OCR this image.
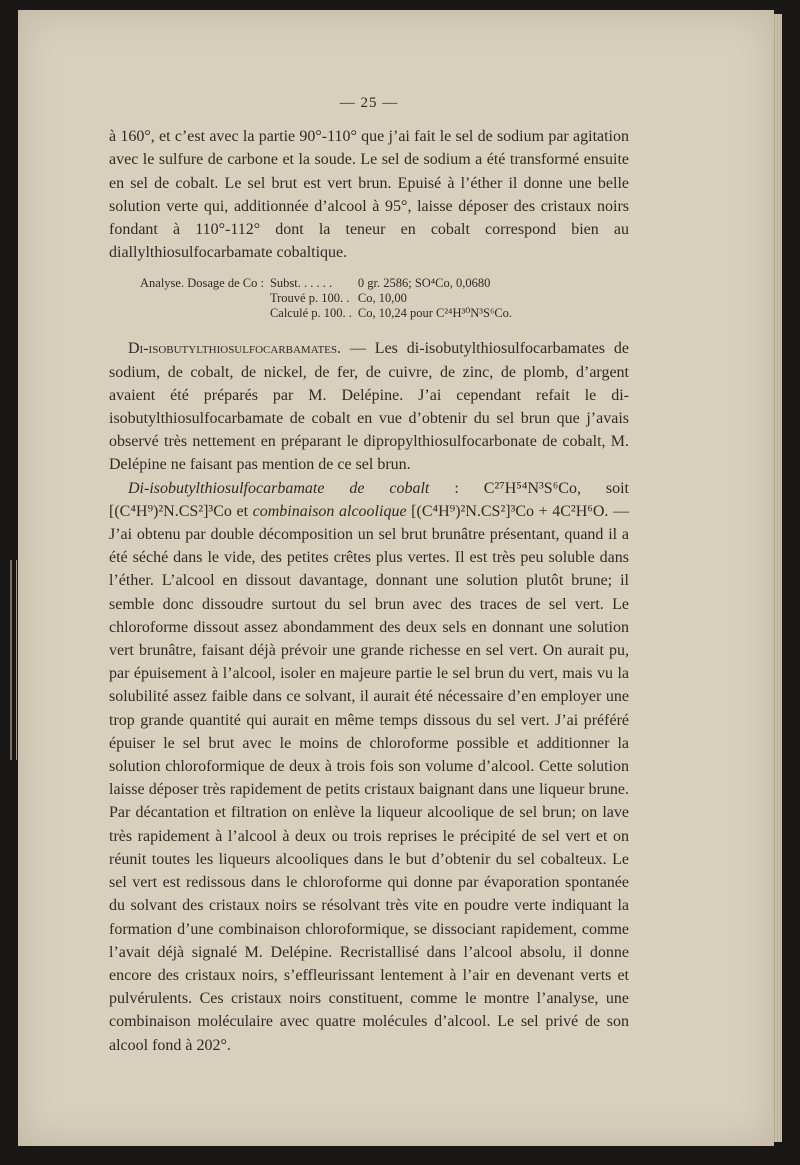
— 25 —

à 160°, et c’est avec la partie 90°-110° que j’ai fait le sel de sodium par agitation avec le sulfure de carbone et la soude. Le sel de sodium a été transformé ensuite en sel de cobalt. Le sel brut est vert brun. Epuisé à l’éther il donne une belle solution verte qui, additionnée d’alcool à 95°, laisse déposer des cristaux noirs fondant à 110°-112° dont la teneur en cobalt correspond bien au diallylthiosulfocarbamate cobaltique.

Analyse. Dosage de Co :	Subst. . . . . .	0 gr. 2586; SO⁴Co, 0,0680
	Trouvé p. 100. .	Co, 10,00
	Calculé p. 100. .	Co, 10,24 pour C²⁴H³⁰N³S⁶Co.

Di-isobutylthiosulfocarbamates. — Les di-isobutylthiosulfocarbamates de sodium, de cobalt, de nickel, de fer, de cuivre, de zinc, de plomb, d’argent avaient été préparés par M. Delépine. J’ai cependant refait le di-isobutylthiosulfocarbamate de cobalt en vue d’obtenir du sel brun que j’avais observé très nettement en préparant le dipropylthiosulfocarbonate de cobalt, M. Delépine ne faisant pas mention de ce sel brun.

Di-isobutylthiosulfocarbamate de cobalt : C²⁷H⁵⁴N³S⁶Co, soit [(C⁴H⁹)²N.CS²]³Co et combinaison alcoolique [(C⁴H⁹)²N.CS²]³Co + 4C²H⁶O. — J’ai obtenu par double décomposition un sel brut brunâtre présentant, quand il a été séché dans le vide, des petites crêtes plus vertes. Il est très peu soluble dans l’éther. L’alcool en dissout davantage, donnant une solution plutôt brune; il semble donc dissoudre surtout du sel brun avec des traces de sel vert. Le chloroforme dissout assez abondamment des deux sels en donnant une solution vert brunâtre, faisant déjà prévoir une grande richesse en sel vert. On aurait pu, par épuisement à l’alcool, isoler en majeure partie le sel brun du vert, mais vu la solubilité assez faible dans ce solvant, il aurait été nécessaire d’en employer une trop grande quantité qui aurait en même temps dissous du sel vert. J’ai préféré épuiser le sel brut avec le moins de chloroforme possible et additionner la solution chloroformique de deux à trois fois son volume d’alcool. Cette solution laisse déposer très rapidement de petits cristaux baignant dans une liqueur brune. Par décantation et filtration on enlève la liqueur alcoolique de sel brun; on lave très rapidement à l’alcool à deux ou trois reprises le précipité de sel vert et on réunit toutes les liqueurs alcooliques dans le but d’obtenir du sel cobalteux. Le sel vert est redissous dans le chloroforme qui donne par évaporation spontanée du solvant des cristaux noirs se résolvant très vite en poudre verte indiquant la formation d’une combinaison chloroformique, se dissociant rapidement, comme l’avait déjà signalé M. Delépine. Recristallisé dans l’alcool absolu, il donne encore des cristaux noirs, s’effleurissant lentement à l’air en devenant verts et pulvérulents. Ces cristaux noirs constituent, comme le montre l’analyse, une combinaison moléculaire avec quatre molécules d’alcool. Le sel privé de son alcool fond à 202°.
